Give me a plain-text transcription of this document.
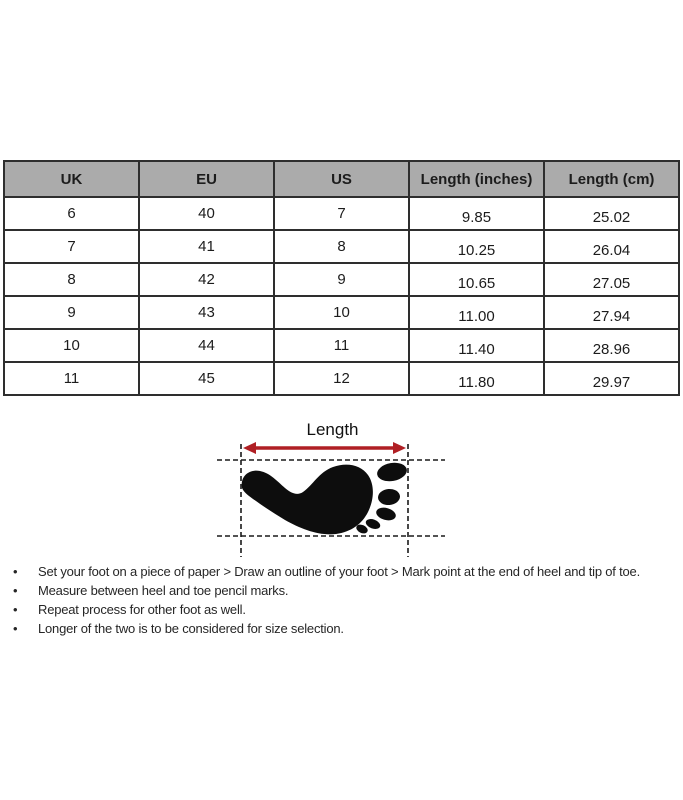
UK	EU	US	Length (inches)	Length (cm)
6	40	7	9.85	25.02
7	41	8	10.25	26.04
8	42	9	10.65	27.05
9	43	10	11.00	27.94
10	44	11	11.40	28.96
11	45	12	11.80	29.97
Length
•	Set your foot on a piece of paper > Draw an outline of your foot > Mark point at the end of heel and tip of toe.
•	Measure between heel and toe pencil marks.
•	Repeat process for other foot as well.
•	Longer of the two is to be considered for size selection.
